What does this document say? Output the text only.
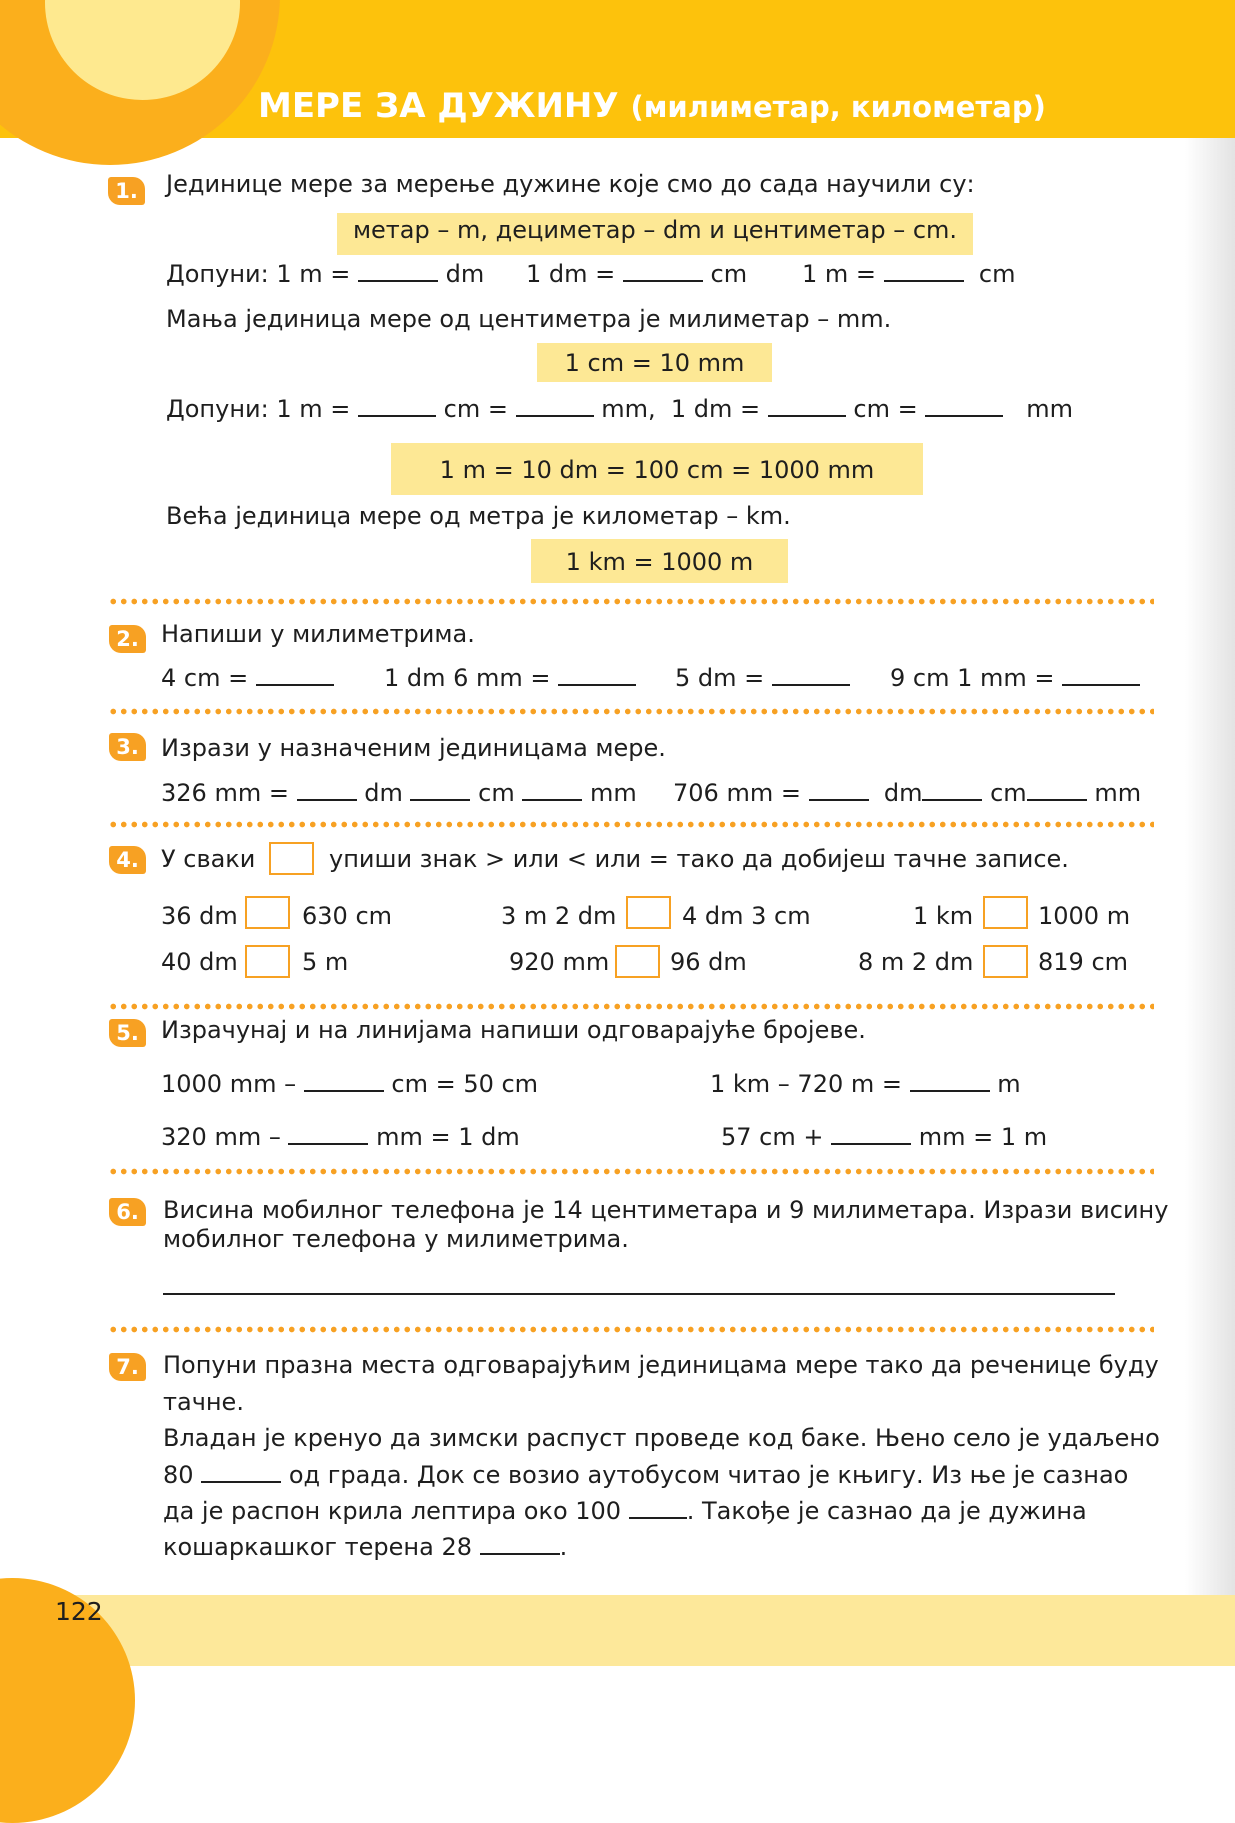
МЕРЕ ЗА ДУЖИНУ (милиметар, километар)
122
1.	Јединице мере за мерење дужине које смо до сада научили су:
метар – m, дециметар – dm и центиметар – cm.
Допуни: 1 m =	dm 1 dm =	cm 1 m =	cm
Мања јединица мере од центиметра је милиметар – mm.
1 cm = 10 mm
Допуни: 1 m =	cm =	mm, 1 dm =	cm =	mm
1 m = 10 dm = 100 cm = 1000 mm
Већа јединица мере од метра је километар – km.
1 km = 1000 m
2. Напиши у милиметрима.
4 cm =	1 dm 6 mm =	5 dm =	9 cm 1 mm =
3. Изрази у назначеним јединицама мере.
326 mm =	dm	cm	mm 706 mm =	dm	cm	mm
4. У сваки	упиши знак > или < или = тако да добијеш тачне записе.
36 dm	630 cm	3 m 2 dm	4 dm 3 cm	1 km	1000 m
40 dm	5 m	920 mm	96 dm	8 m 2 dm	819 cm
5. Израчунај и на линијама напиши одговарајуће бројеве.
1000 mm –	cm = 50 cm	1 km – 720 m =	m
320 mm –	mm = 1 dm	57 cm +	mm = 1 m
6.	Висина мобилног телефона је 14 центиметара и 9 милиметара. Изрази висину
мобилног телефона у милиметрима.
7.	Попуни празна места одговарајућим јединицама мере тако да реченице буду
тачне.
Владан је кренуо да зимски распуст проведе код баке. Њено село је удаљено
80	од града. Док се возио аутобусом читао је књигу. Из ње је сазнао
да је распон крила лептира око 100	. Такође је сазнао да је дужина
кошаркашког терена 28	.
